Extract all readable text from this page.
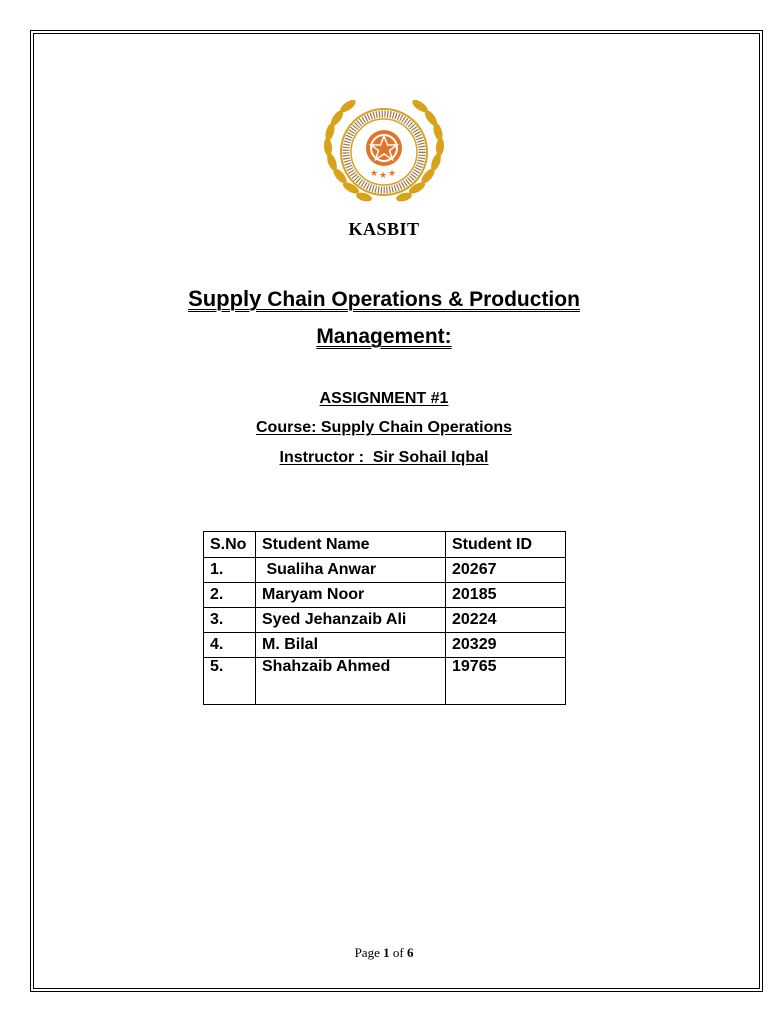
★ ★ ★
KASBIT
Supply Chain Operations & Production
Management:
ASSIGNMENT #1
Course: Supply Chain Operations
Instructor :  Sir Sohail Iqbal
S.No	Student Name	Student ID
1.	Sualiha Anwar	20267
2.	Maryam Noor	20185
3.	Syed Jehanzaib Ali	20224
4.	M. Bilal	20329
5.	Shahzaib Ahmed	19765
Page 1 of 6
